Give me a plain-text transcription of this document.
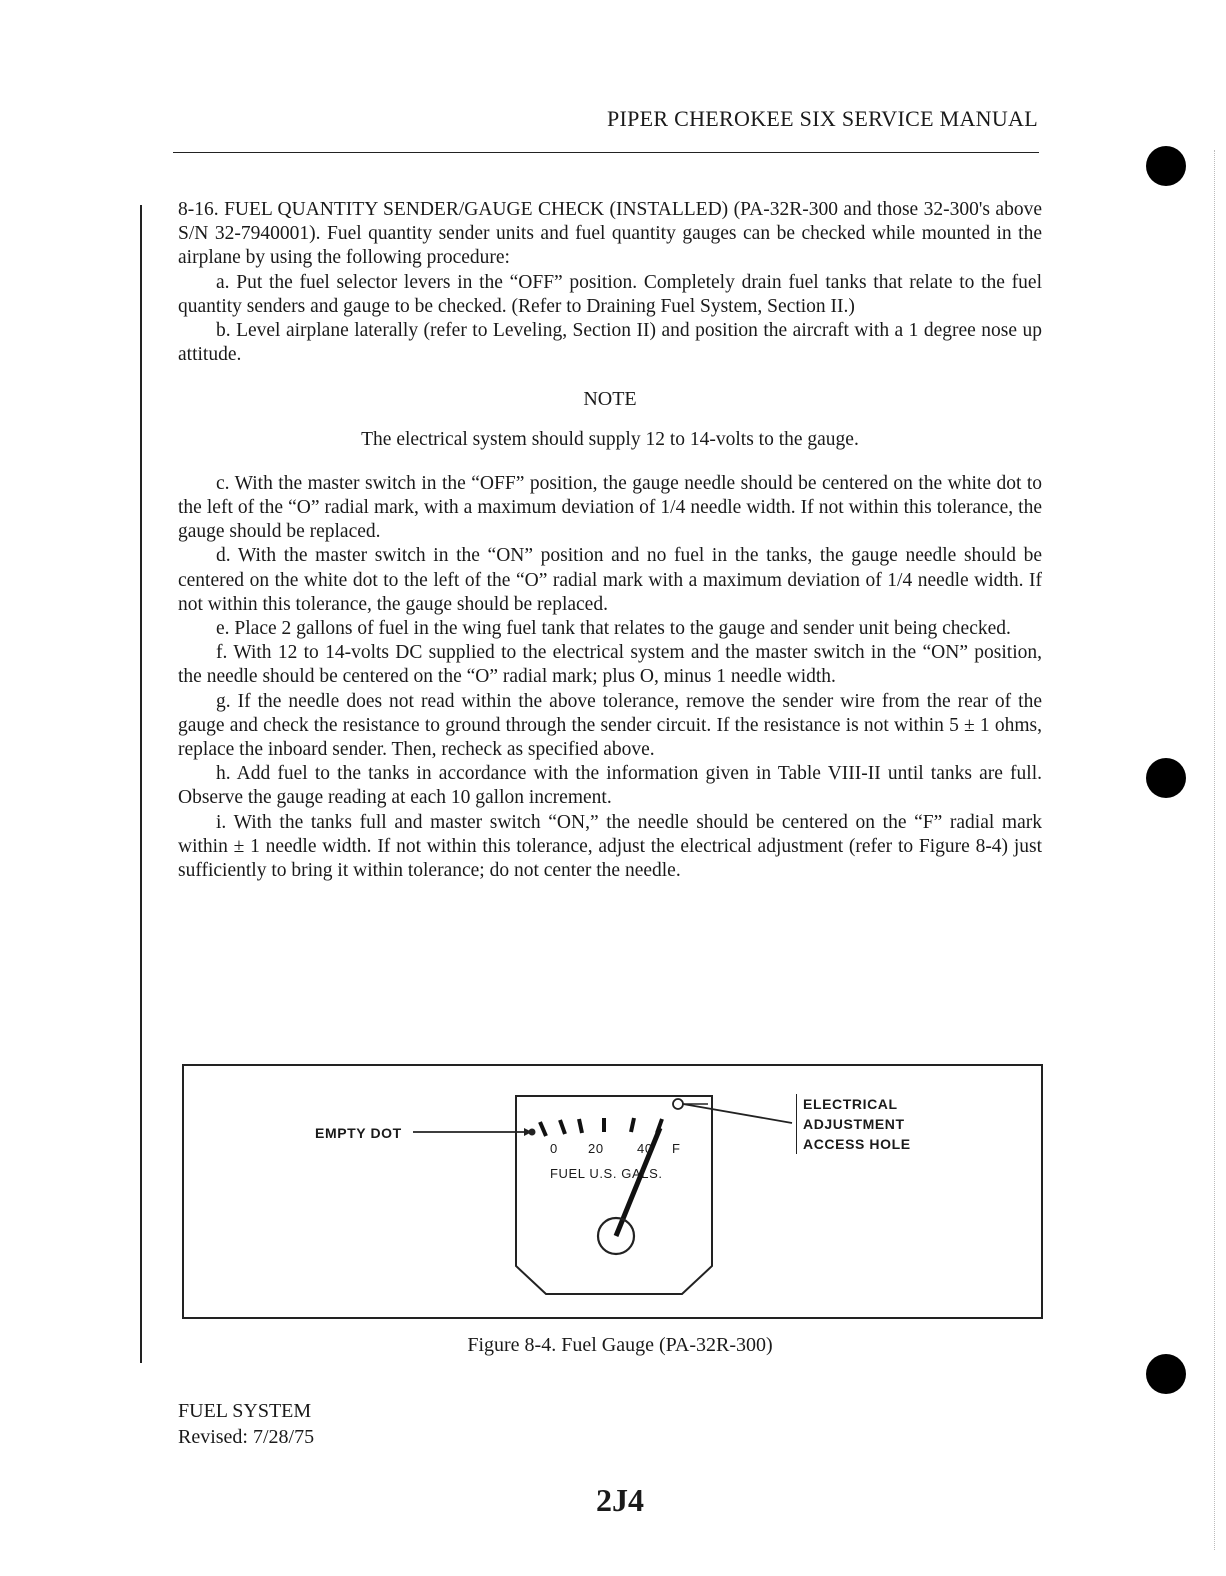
PIPER CHEROKEE SIX SERVICE MANUAL

8-16. FUEL QUANTITY SENDER/GAUGE CHECK (INSTALLED) (PA-32R-300 and those 32-300's above S/N 32-7940001). Fuel quantity sender units and fuel quantity gauges can be checked while mounted in the airplane by using the following procedure:

a. Put the fuel selector levers in the “OFF” position. Completely drain fuel tanks that relate to the fuel quantity senders and gauge to be checked. (Refer to Draining Fuel System, Section II.)

b. Level airplane laterally (refer to Leveling, Section II) and position the aircraft with a 1 degree nose up attitude.

NOTE
The electrical system should supply 12 to 14-volts to the gauge.

c. With the master switch in the “OFF” position, the gauge needle should be centered on the white dot to the left of the “O” radial mark, with a maximum deviation of 1/4 needle width. If not within this tolerance, the gauge should be replaced.

d. With the master switch in the “ON” position and no fuel in the tanks, the gauge needle should be centered on the white dot to the left of the “O” radial mark with a maximum deviation of 1/4 needle width. If not within this tolerance, the gauge should be replaced.

e. Place 2 gallons of fuel in the wing fuel tank that relates to the gauge and sender unit being checked.

f. With 12 to 14-volts DC supplied to the electrical system and the master switch in the “ON” position, the needle should be centered on the “O” radial mark; plus O, minus 1 needle width.

g. If the needle does not read within the above tolerance, remove the sender wire from the rear of the gauge and check the resistance to ground through the sender circuit. If the resistance is not within 5 ± 1 ohms, replace the inboard sender. Then, recheck as specified above.

h. Add fuel to the tanks in accordance with the information given in Table VIII-II until tanks are full. Observe the gauge reading at each 10 gallon increment.

i. With the tanks full and master switch “ON,” the needle should be centered on the “F” radial mark within ± 1 needle width. If not within this tolerance, adjust the electrical adjustment (refer to Figure 8-4) just sufficiently to bring it within tolerance; do not center the needle.

EMPTY DOT
0 20	40 F
FUEL U.S. GALS.
ELECTRICAL
ADJUSTMENT
ACCESS HOLE
Figure 8-4. Fuel Gauge (PA-32R-300)
FUEL SYSTEM
Revised: 7/28/75
2J4
